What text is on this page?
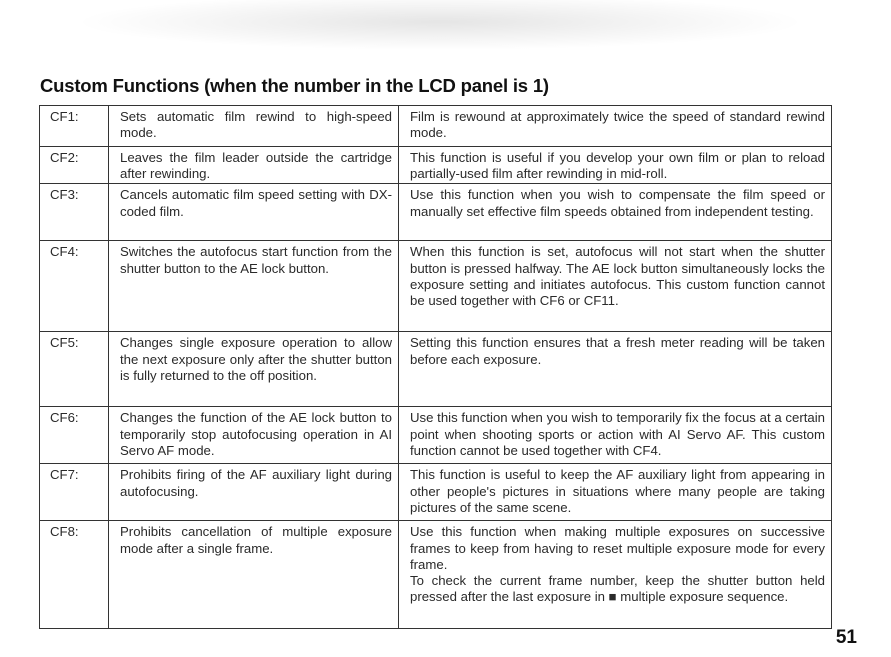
Custom Functions (when the number in the LCD panel is 1)
CF1:	Sets automatic film rewind to high-speed mode.	Film is rewound at approximately twice the speed of standard rewind mode.
CF2:	Leaves the film leader outside the cartridge after rewinding.	This function is useful if you develop your own film or plan to reload partially-used film after rewinding in mid-roll.
CF3:	Cancels automatic film speed setting with DX-coded film.	Use this function when you wish to compensate the film speed or manually set effective film speeds obtained from independent testing.
CF4:	Switches the autofocus start function from the shutter button to the AE lock button.	When this function is set, autofocus will not start when the shutter button is pressed halfway. The AE lock button simultaneously locks the exposure setting and initiates autofocus. This custom function cannot be used together with CF6 or CF11.
CF5:	Changes single exposure operation to allow the next exposure only after the shutter button is fully returned to the off position.	Setting this function ensures that a fresh meter reading will be taken before each exposure.
CF6:	Changes the function of the AE lock button to temporarily stop autofocusing operation in AI Servo AF mode.	Use this function when you wish to temporarily fix the focus at a certain point when shooting sports or action with AI Servo AF. This custom function cannot be used together with CF4.
CF7:	Prohibits firing of the AF auxiliary light during autofocusing.	This function is useful to keep the AF auxiliary light from appearing in other people's pictures in situations where many people are taking pictures of the same scene.
CF8:	Prohibits cancellation of multiple exposure mode after a single frame.	Use this function when making multiple exposures on successive frames to keep from having to reset multiple exposure mode for every frame.
To check the current frame number, keep the shutter button held pressed after the last exposure in ■ multiple exposure sequence.
51
